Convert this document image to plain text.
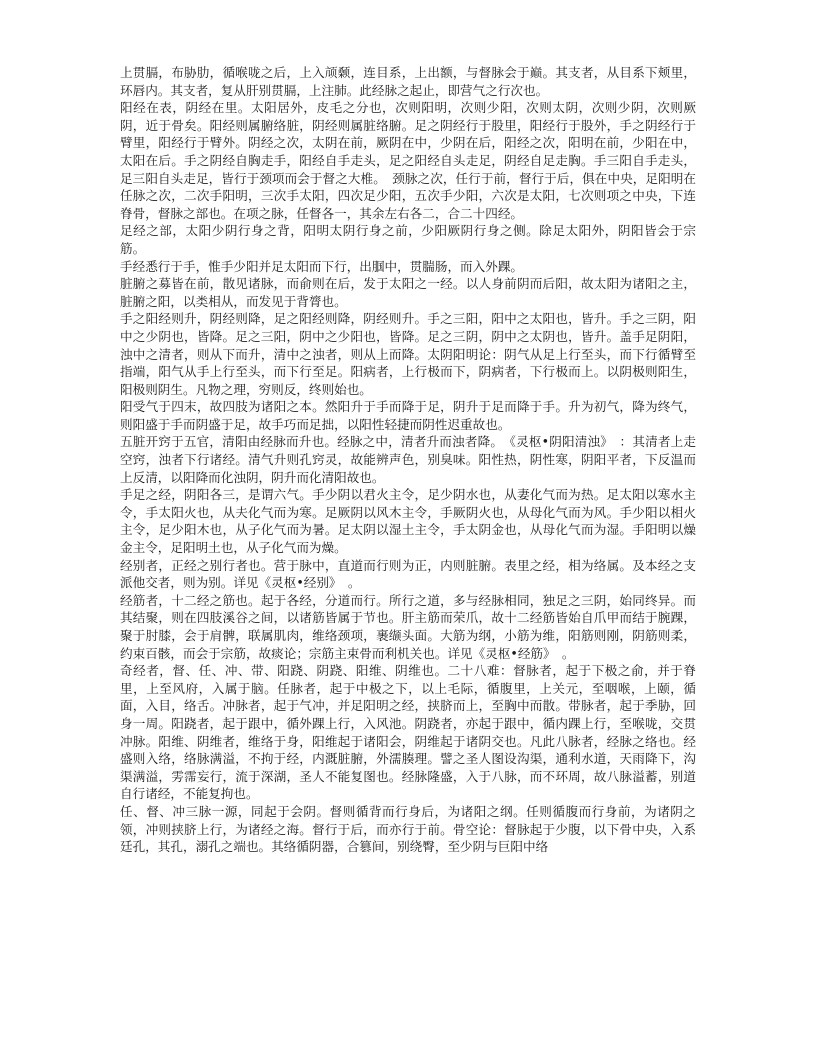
上贯膈，布胁肋，循喉咙之后，上入颃颡，连目系，上出额，与督脉会于巅。其支者，从目系下颊里，环唇内。其支者，复从肝别贯膈，上注肺。此经脉之起止，即营气之行次也。

阳经在表，阴经在里。太阳居外，皮毛之分也，次则阳明，次则少阳，次则太阴，次则少阴，次则厥阴，近于骨矣。阳经则属腑络脏，阴经则属脏络腑。足之阴经行于股里，阳经行于股外，手之阴经行于臂里，阳经行于臂外。阴经之次，太阴在前，厥阴在中，少阴在后，阳经之次，阳明在前，少阳在中，太阳在后。手之阴经自胸走手，阳经自手走头，足之阳经自头走足，阴经自足走胸。手三阳自手走头，足三阳自头走足，皆行于颈项而会于督之大椎。　颈脉之次，任行于前，督行于后，俱在中央，足阳明在任脉之次，二次手阳明，三次手太阳，四次足少阳，五次手少阳，六次是太阳，七次则项之中央，下连脊骨，督脉之部也。在项之脉，任督各一，其余左右各二，合二十四经。

足经之部，太阳少阴行身之背，阳明太阴行身之前，少阳厥阴行身之侧。除足太阳外，阴阳皆会于宗筋。

手经悉行于手，惟手少阳并足太阳而下行，出腘中，贯腨肠，而入外踝。

脏腑之募皆在前，散见诸脉，而俞则在后，发于太阳之一经。以人身前阴而后阳，故太阳为诸阳之主，脏腑之阳，以类相从，而发见于背膂也。

手之阳经则升，阴经则降，足之阳经则降，阴经则升。手之三阳，阳中之太阳也，皆升。手之三阴，阳中之少阴也，皆降。足之三阳，阴中之少阳也，皆降。足之三阴，阴中之太阴也，皆升。盖手足阴阳，浊中之清者，则从下而升，清中之浊者，则从上而降。太阴阳明论：阴气从足上行至头，而下行循臂至指端，阳气从手上行至头，而下行至足。阳病者，上行极而下，阴病者，下行极而上。以阴极则阳生，阳极则阴生。凡物之理，穷则反，终则始也。

阳受气于四末，故四肢为诸阳之本。然阳升于手而降于足，阴升于足而降于手。升为初气，降为终气，则阳盛于手而阴盛于足，故手巧而足拙，以阳性轻捷而阴性迟重故也。

五脏开窍于五官，清阳由经脉而升也。经脉之中，清者升而浊者降。　《灵枢•阴阳清浊》　：其清者上走空窍，浊者下行诸经。清气升则孔窍灵，故能辨声色，别臭味。阳性热，阴性寒，阴阳平者，下反温而上反清，以阳降而化浊阴，阴升而化清阳故也。

手足之经，阴阳各三，是谓六气。手少阴以君火主令，足少阴水也，从妻化气而为热。足太阳以寒水主令，手太阳火也，从夫化气而为寒。足厥阴以风木主令，手厥阴火也，从母化气而为风。手少阳以相火主令，足少阳木也，从子化气而为暑。足太阴以湿土主令，手太阴金也，从母化气而为湿。手阳明以燥金主令，足阳明土也，从子化气而为燥。

经别者，正经之别行者也。营于脉中，直道而行则为正，内则脏腑。表里之经，相为络属。及本经之支派他交者，则为别。详见《灵枢•经别》　。

经筋者，十二经之筋也。起于各经，分道而行。所行之道，多与经脉相同，独足之三阴，始同终异。而其结聚，则在四肢溪谷之间，以诸筋皆属于节也。肝主筋而荣爪，故十二经筋皆始自爪甲而结于腕踝，聚于肘膝，会于肩髀，联属肌肉，维络颈项，裹缬头面。大筋为纲，小筋为维，阳筋则刚，阴筋则柔，约束百骸，而会于宗筋，故痰论；宗筋主束骨而利机关也。详见《灵枢•经筋》　。

奇经者，督、任、冲、带、阳跷、阴跷、阳维、阴维也。二十八难：督脉者，起于下极之俞，并于脊里，上至风府，入属于脑。任脉者，起于中极之下，以上毛际，循腹里，上关元，至咽喉，上颐，循面，入目，络舌。冲脉者，起于气冲，并足阳明之经，挟脐而上，至胸中而散。带脉者，起于季胁，回身一周。阳跷者，起于跟中，循外踝上行，入风池。阴跷者，亦起于跟中，循内踝上行，至喉咙，交贯冲脉。阳维、阴维者，维络于身，阳维起于诸阳会，阴维起于诸阴交也。凡此八脉者，经脉之络也。经盛则入络，络脉满溢，不拘于经，内溉脏腑，外濡腠理。譬之圣人图设沟渠，通利水道，天雨降下，沟渠满溢，雱霈妄行，流于深湖，圣人不能复图也。经脉隆盛，入于八脉，而不环周，故八脉溢蓄，别道自行诸经，不能复拘也。

任、督、冲三脉一源，同起于会阴。督则循背而行身后，为诸阳之纲。任则循腹而行身前，为诸阴之领，冲则挟脐上行，为诸经之海。督行于后，而亦行于前。骨空论：督脉起于少腹，以下骨中央，入系廷孔，其孔，溺孔之端也。其络循阴器，合篡间，别绕臀，至少阴与巨阳中络
